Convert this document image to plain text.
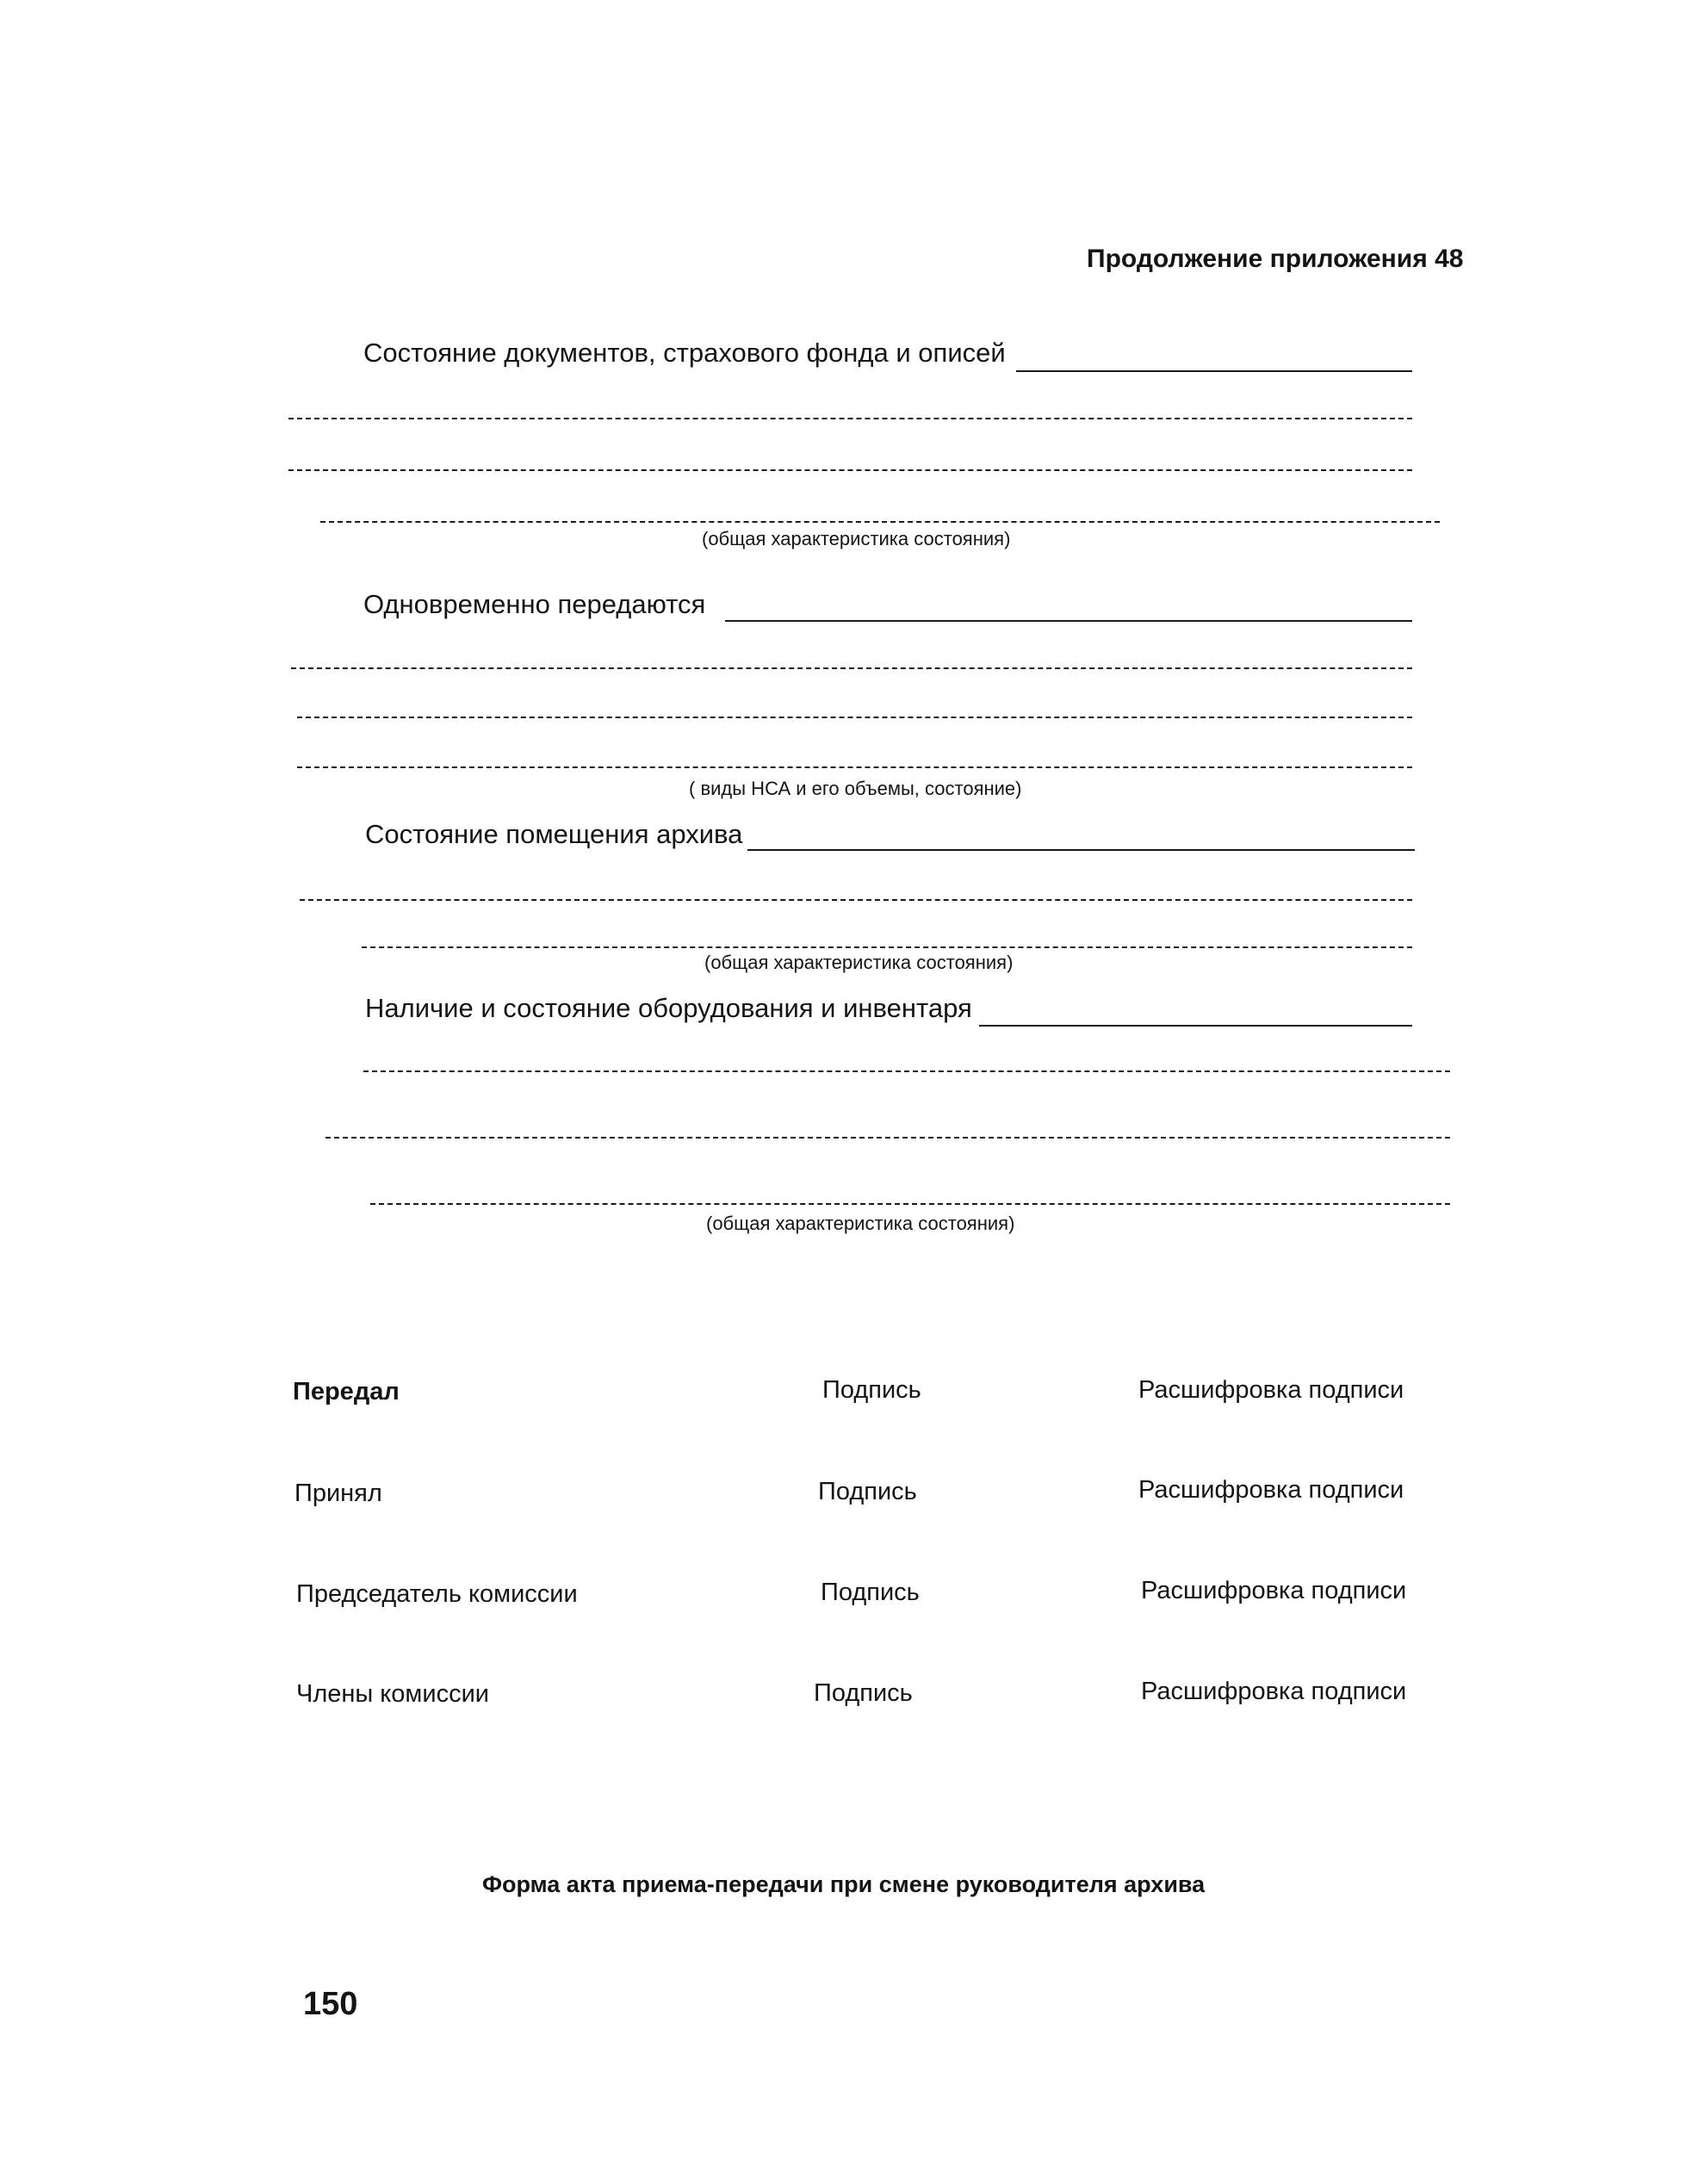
Продолжение приложения 48
Состояние документов, страхового фонда и описей
(общая характеристика состояния)
Одновременно передаются
( виды НСА и его объемы, состояние)
Состояние помещения архива
(общая характеристика состояния)
Наличие и состояние оборудования и инвентаря
(общая характеристика состояния)
Передал	Подпись	Расшифровка подписи
Принял	Подпись	Расшифровка подписи
Председатель комиссии	Подпись	Расшифровка подписи
Члены комиссии	Подпись	Расшифровка подписи
Форма акта приема-передачи при смене руководителя архива
150
